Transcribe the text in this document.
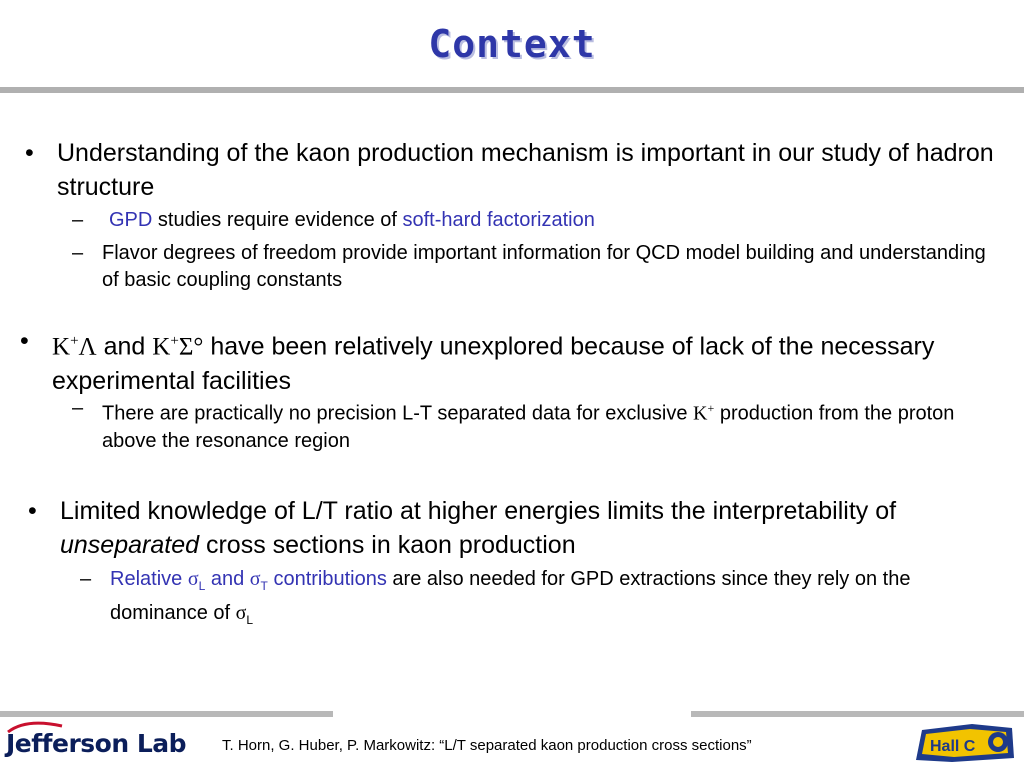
Context
• Understanding of the kaon production mechanism is important in our study of hadron structure
–	GPD studies require evidence of soft-hard factorization
– Flavor degrees of freedom provide important information for QCD model building and understanding of basic coupling constants
• K+Λ and K+Σ° have been relatively unexplored because of lack of the necessary experimental facilities
– There are practically no precision L-T separated data for exclusive K+ production from the proton above the resonance region
• Limited knowledge of L/T ratio at higher energies limits the interpretability of unseparated cross sections in kaon production
– Relative $\sigma_L$ and $\sigma_T$ contributions are also needed for GPD extractions since they rely on the dominance of $\sigma_L$
Jefferson Lab T. Horn, G. Huber, P. Markowitz: “L/T separated kaon production cross sections”	Hall C
